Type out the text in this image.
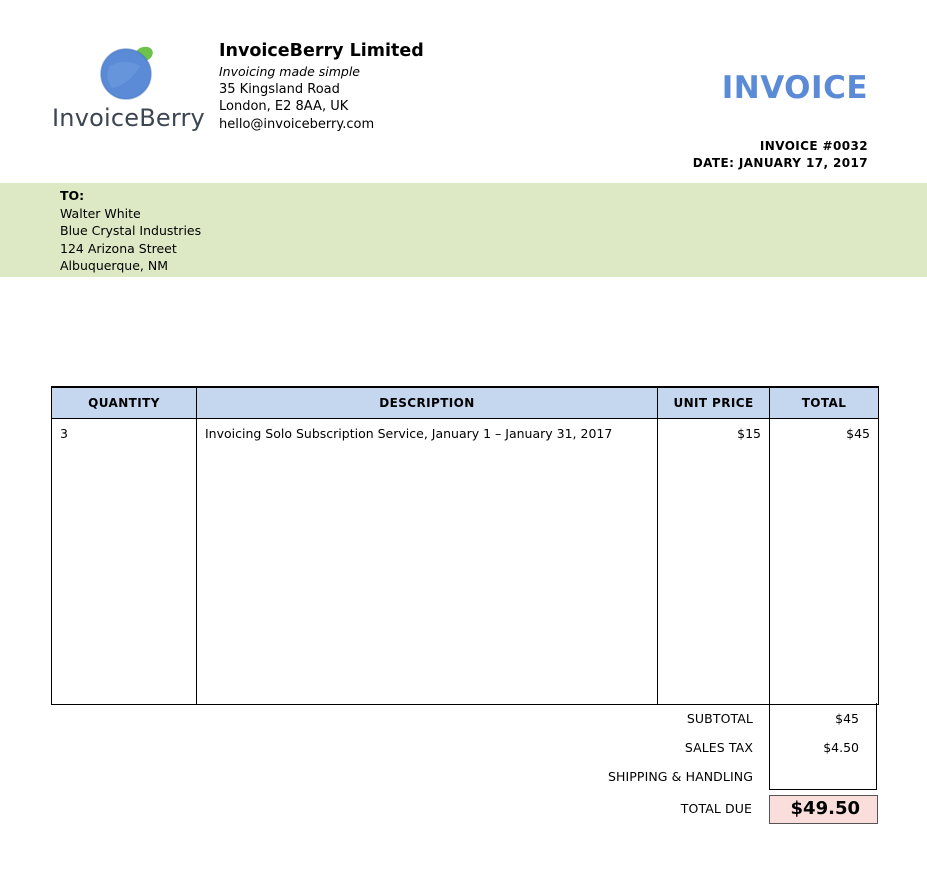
InvoiceBerry
InvoiceBerry Limited
Invoicing made simple
35 Kingsland Road
London, E2 8AA, UK
hello@invoiceberry.com
INVOICE
INVOICE #0032
DATE: JANUARY 17, 2017
TO:
Walter White
Blue Crystal Industries
124 Arizona Street
Albuquerque, NM
QUANTITY	DESCRIPTION	UNIT PRICE	TOTAL
3	Invoicing Solo Subscription Service, January 1 – January 31, 2017	$15	$45
SUBTOTAL	$45
SALES TAX	$4.50
SHIPPING & HANDLING
TOTAL DUE	$49.50
